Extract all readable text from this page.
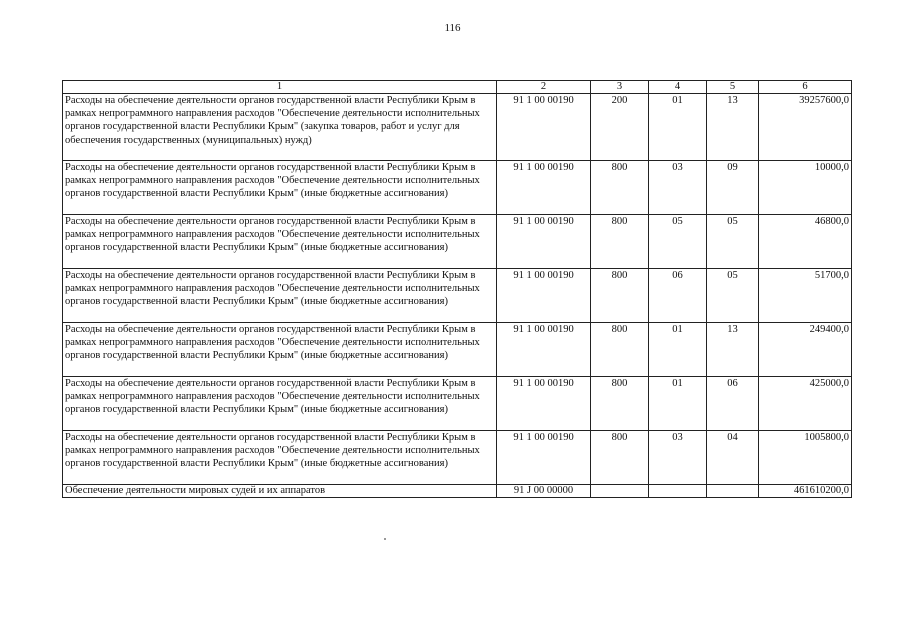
116
1	2	3	4	5	6
Расходы на обеспечение деятельности органов государственной власти Республики Крым в рамках непрограммного направления расходов "Обеспечение деятельности исполнительных органов государственной власти Республики Крым" (закупка товаров, работ и услуг для обеспечения государственных (муниципальных) нужд)	91 1 00 00190	200	01	13	39257600,0
Расходы на обеспечение деятельности органов государственной власти Республики Крым в рамках непрограммного направления расходов "Обеспечение деятельности исполнительных органов государственной власти Республики Крым" (иные бюджетные ассигнования)	91 1 00 00190	800	03	09	10000,0
Расходы на обеспечение деятельности органов государственной власти Республики Крым в рамках непрограммного направления расходов "Обеспечение деятельности исполнительных органов государственной власти Республики Крым" (иные бюджетные ассигнования)	91 1 00 00190	800	05	05	46800,0
Расходы на обеспечение деятельности органов государственной власти Республики Крым в рамках непрограммного направления расходов "Обеспечение деятельности исполнительных органов государственной власти Республики Крым" (иные бюджетные ассигнования)	91 1 00 00190	800	06	05	51700,0
Расходы на обеспечение деятельности органов государственной власти Республики Крым в рамках непрограммного направления расходов "Обеспечение деятельности исполнительных органов государственной власти Республики Крым" (иные бюджетные ассигнования)	91 1 00 00190	800	01	13	249400,0
Расходы на обеспечение деятельности органов государственной власти Республики Крым в рамках непрограммного направления расходов "Обеспечение деятельности исполнительных органов государственной власти Республики Крым" (иные бюджетные ассигнования)	91 1 00 00190	800	01	06	425000,0
Расходы на обеспечение деятельности органов государственной власти Республики Крым в рамках непрограммного направления расходов "Обеспечение деятельности исполнительных органов государственной власти Республики Крым" (иные бюджетные ассигнования)	91 1 00 00190	800	03	04	1005800,0
Обеспечение деятельности мировых судей и их аппаратов	91 J 00 00000				461610200,0
